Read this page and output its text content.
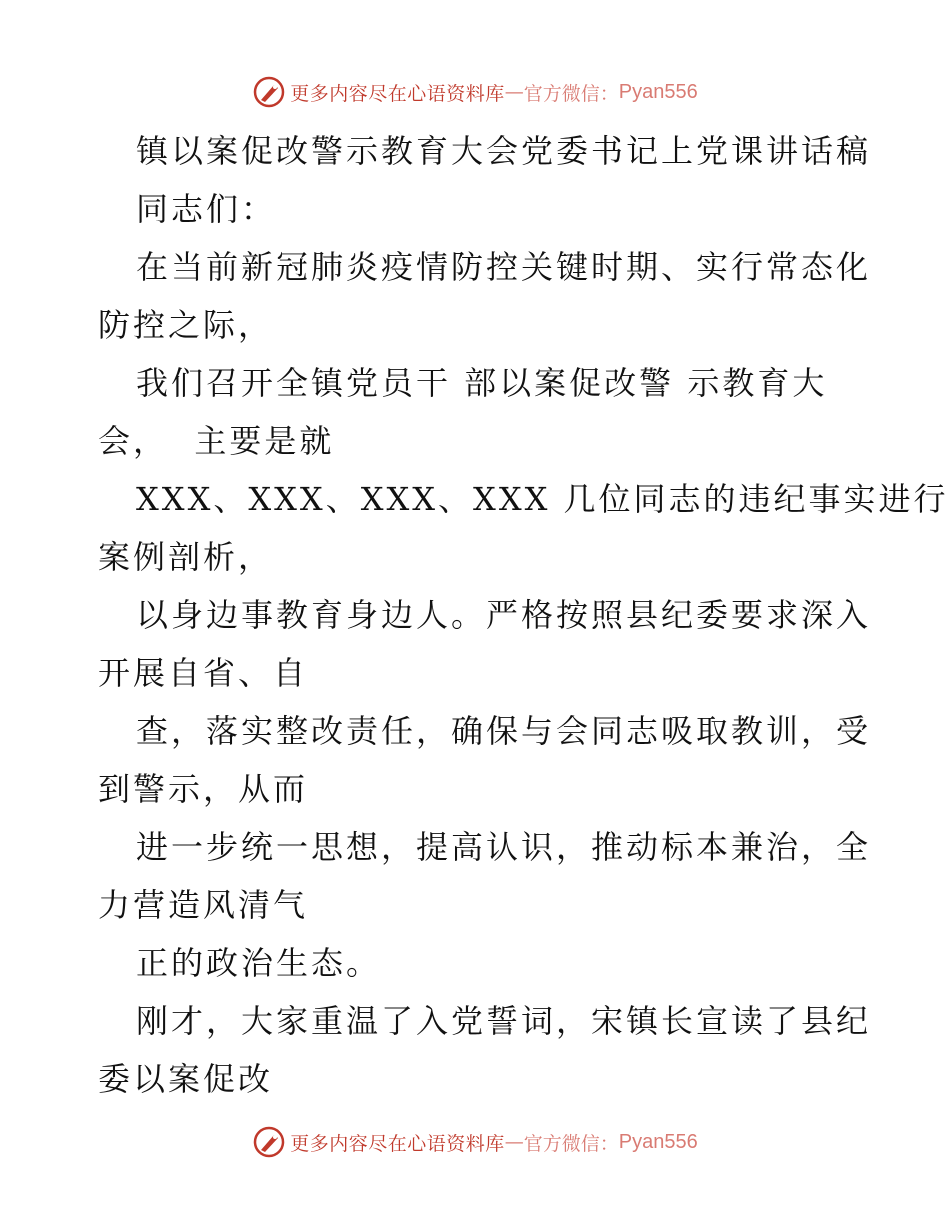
更多内容尽在心语资料库 — 官方微信： Pyan556
镇以案促改警示教育大会党委书记上党课讲话稿
同志们：
在当前新冠肺炎疫情防控关键时期、实行常态化
防控之际，
我们召开全镇党员干 部以案促改警 示教育大
会，  主要是就
XXX、XXX、XXX、XXX 几位同志的违纪事实进行
案例剖析，
以身边事教育身边人。严格按照县纪委要求深入
开展自省、自
查，落实整改责任，确保与会同志吸取教训，受
到警示，从而
进一步统一思想，提高认识，推动标本兼治，全
力营造风清气
正的政治生态。
刚才，大家重温了入党誓词，宋镇长宣读了县纪
委以案促改
更多内容尽在心语资料库 — 官方微信： Pyan556
